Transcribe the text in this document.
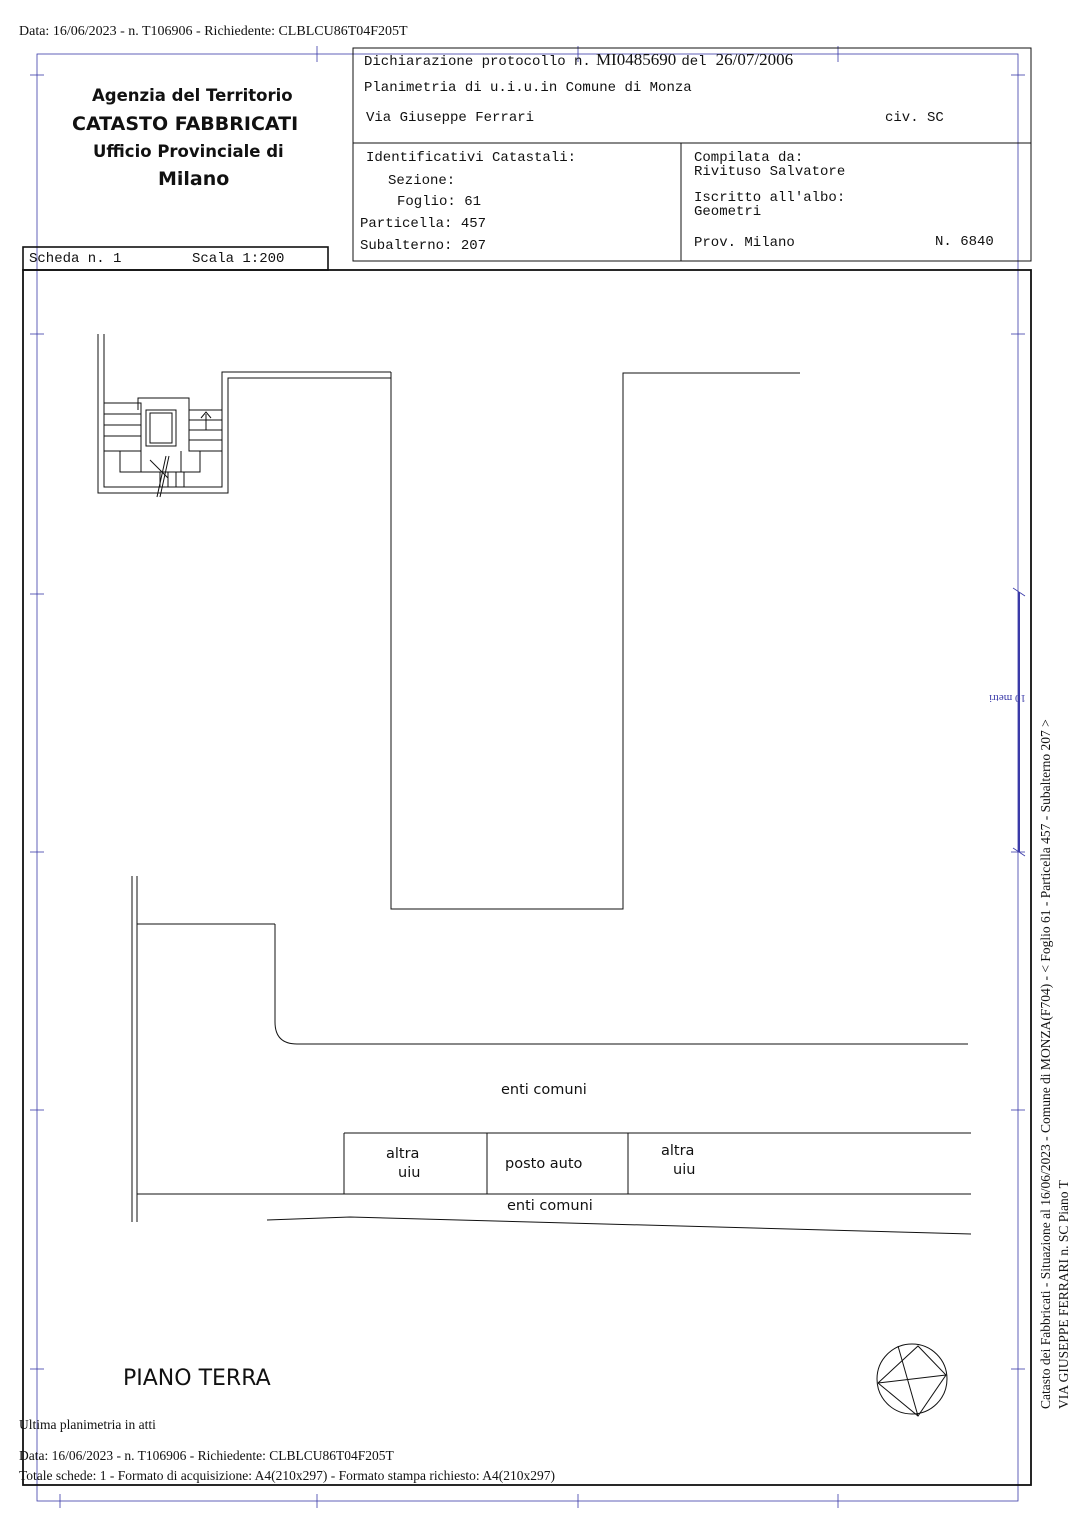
Data: 16/06/2023 - n. T106906 - Richiedente: CLBLCU86T04F205T
Agenzia del Territorio
CATASTO FABBRICATI
Ufficio Provinciale di
Milano
Dichiarazione protocollo n. MI0485690 del 26/07/2006
Planimetria di u.i.u.in Comune di Monza
Via Giuseppe Ferrari	civ. SC
Identificativi Catastali:
Sezione:
Foglio: 61
Particella: 457
Subalterno: 207
Compilata da:
Rivituso Salvatore
Iscritto all'albo:
Geometri
Prov. Milano	N. 6840
Scheda n. 1	Scala 1:200
enti comuni
altra
uiu
posto auto
altra
uiu
enti comuni
PIANO TERRA
10 metri
Ultima planimetria in atti
Data: 16/06/2023 - n. T106906 - Richiedente: CLBLCU86T04F205T
Totale schede: 1 - Formato di acquisizione: A4(210x297) - Formato stampa richiesto: A4(210x297)
Catasto dei Fabbricati - Situazione al 16/06/2023 - Comune di MONZA(F704) - < Foglio 61 - Particella 457 - Subalterno 207 > VIA GIUSEPPE FERRARI n. SC Piano T
